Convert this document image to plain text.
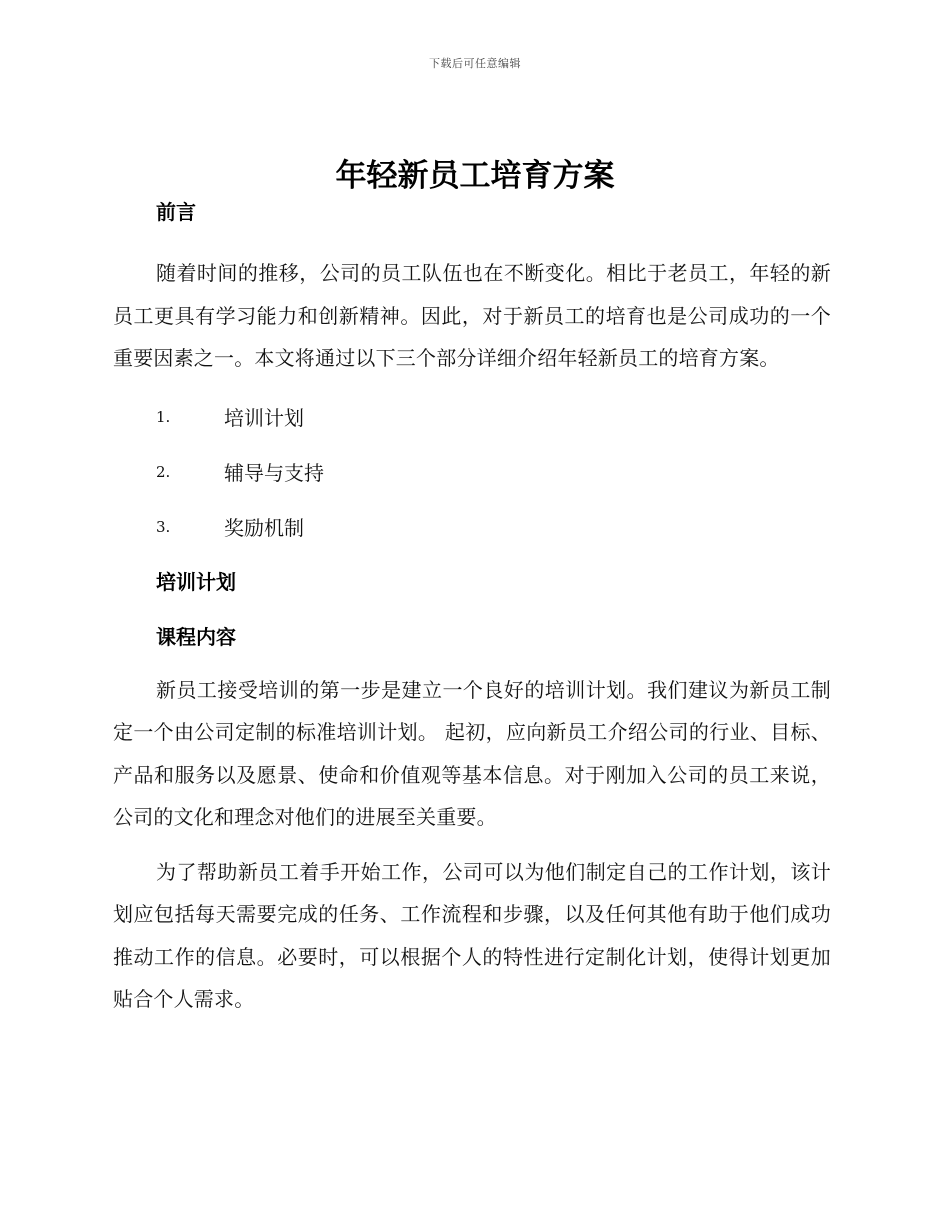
下载后可任意编辑
年轻新员工培育方案
前言

随着时间的推移，公司的员工队伍也在不断变化。相比于老员工，年轻的新员工更具有学习能力和创新精神。因此，对于新员工的培育也是公司成功的一个重要因素之一。本文将通过以下三个部分详细介绍年轻新员工的培育方案。

1.	培训计划
2.	辅导与支持
3.	奖励机制
培训计划
课程内容

新员工接受培训的第一步是建立一个良好的培训计划。我们建议为新员工制定一个由公司定制的标准培训计划。 起初，应向新员工介绍公司的行业、目标、产品和服务以及愿景、使命和价值观等基本信息。对于刚加入公司的员工来说，公司的文化和理念对他们的进展至关重要。

为了帮助新员工着手开始工作，公司可以为他们制定自己的工作计划，该计划应包括每天需要完成的任务、工作流程和步骤，以及任何其他有助于他们成功推动工作的信息。必要时，可以根据个人的特性进行定制化计划，使得计划更加贴合个人需求。
